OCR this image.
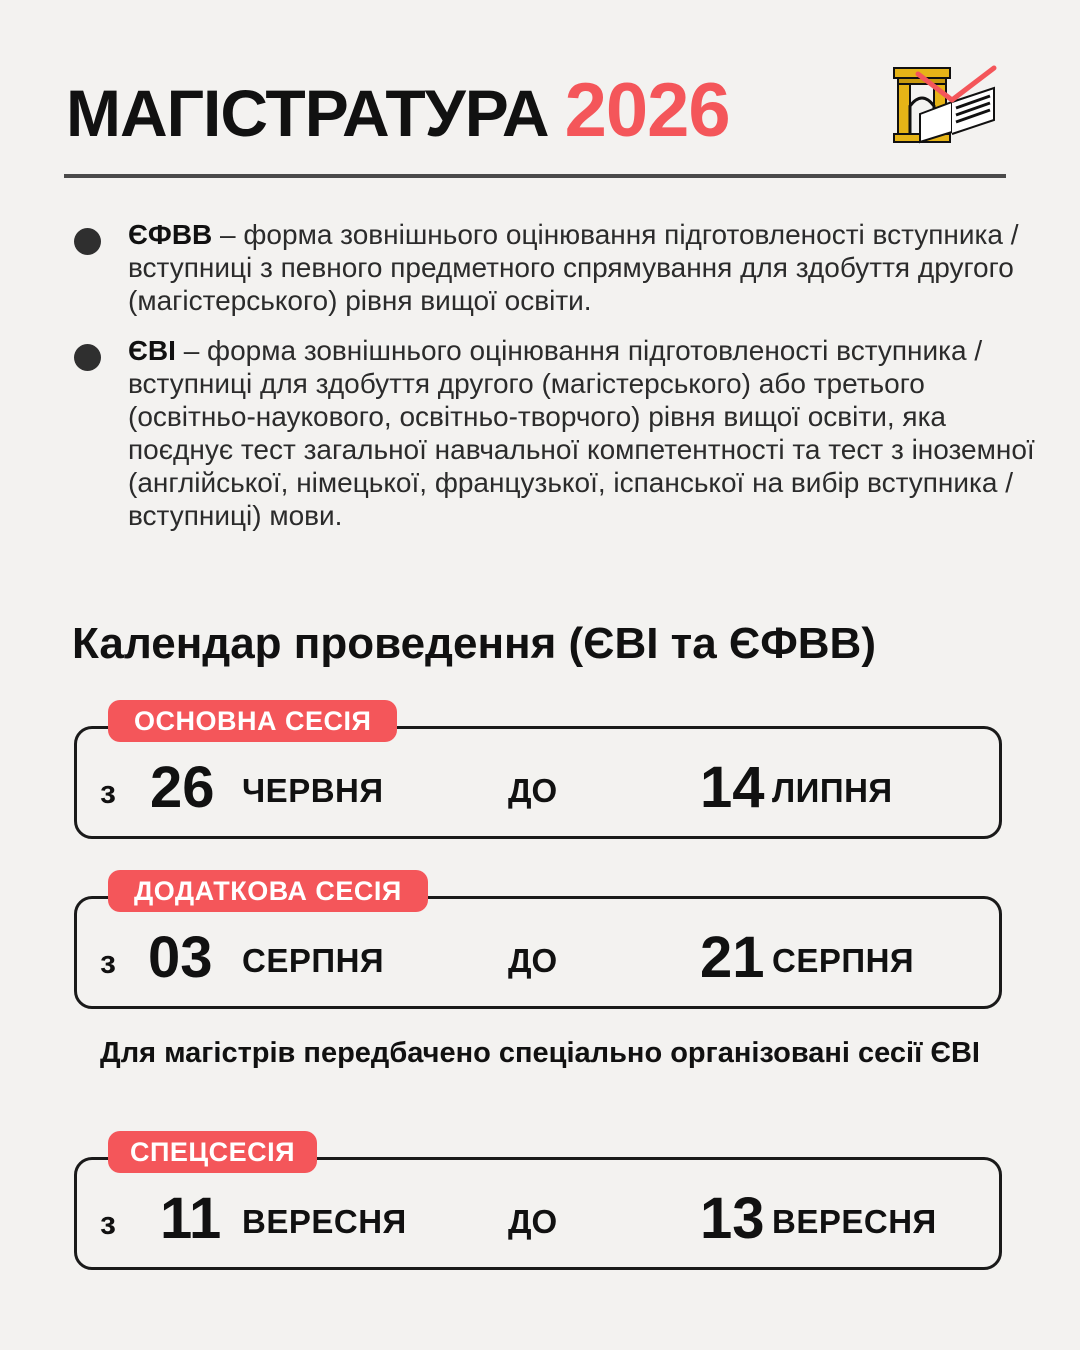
МАГІСТРАТУРА 2026
ЄФВВ – форма зовнішнього оцінювання підготовленості вступника / вступниці з певного предметного спрямування для здобуття другого (магістерського) рівня вищої освіти.
ЄВІ – форма зовнішнього оцінювання підготовленості вступника / вступниці для здобуття другого (магістерського) або третього (освітньо-наукового, освітньо-творчого) рівня вищої освіти, яка поєднує тест загальної навчальної компетентності та тест з іноземної (англійської, німецької, французької, іспанської на вибір вступника / вступниці) мови.
Календар проведення (ЄВІ та ЄФВВ)
ОСНОВНА СЕСІЯ
з 26 ЧЕРВНЯ	ДО 14 ЛИПНЯ
ДОДАТКОВА СЕСІЯ
з 03 СЕРПНЯ	ДО 21 СЕРПНЯ
Для магістрів передбачено спеціально організовані сесії ЄВІ
СПЕЦСЕСІЯ
з 11 ВЕРЕСНЯ	ДО 13 ВЕРЕСНЯ
